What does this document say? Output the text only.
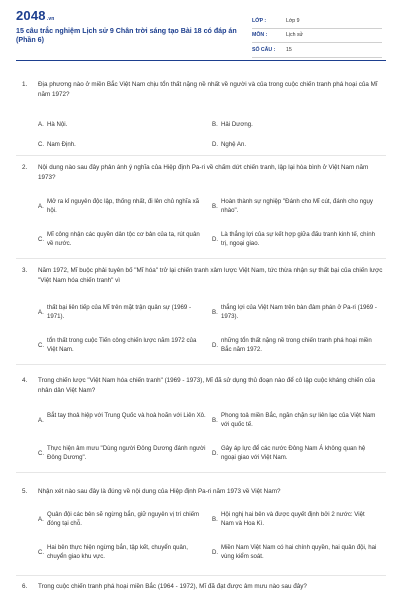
2048.vn
15 câu trắc nghiệm Lịch sử 9 Chân trời sáng tạo Bài 18 có đáp án (Phần 6)
LỚP :	Lớp 9
MÔN :	Lịch sử
SỐ CÂU :	15
1. Địa phương nào ở miền Bắc Việt Nam chịu tổn thất nặng nề nhất về người và của trong cuộc chiến tranh phá hoại của Mĩ năm 1972?
A. Hà Nội.	B. Hải Dương.
C. Nam Định.	D. Nghệ An.
2. Nội dung nào sau đây phản ánh ý nghĩa của Hiệp định Pa-ri về chấm dứt chiến tranh, lập lại hòa bình ở Việt Nam năm 1973?
A.
Mở ra kỉ nguyên độc lập, thống nhất, đi lên chủ nghĩa xã hội.
B.
Hoàn thành sự nghiệp "Đánh cho Mĩ cút, đánh cho ngụy nhào".
C.
Mĩ công nhận các quyền dân tộc cơ bản của ta, rút quân về nước.
D.
Là thắng lợi của sự kết hợp giữa đấu tranh kinh tế, chính trị, ngoại giao.
3. Năm 1972, Mĩ buộc phải tuyên bố "Mĩ hóa" trở lại chiến tranh xâm lược Việt Nam, tức thừa nhận sự thất bại của chiến lược "Việt Nam hóa chiến tranh" vì
A.
thất bại liên tiếp của Mĩ trên mặt trận quân sự (1969 - 1971).
B.
thắng lợi của Việt Nam trên bàn đàm phán ở Pa-ri (1969 - 1973).
C.
tổn thất trong cuộc Tiến công chiến lược năm 1972 của Việt Nam.
D.
những tổn thất nặng nề trong chiến tranh phá hoại miền Bắc năm 1972.
4. Trong chiến lược "Việt Nam hóa chiến tranh" (1969 - 1973), Mĩ đã sử dụng thủ đoạn nào để cô lập cuộc kháng chiến của nhân dân Việt Nam?
A.
Bắt tay thoả hiệp với Trung Quốc và hoà hoãn với Liên Xô.
B.
Phong toả miền Bắc, ngăn chặn sự liên lạc của Việt Nam với quốc tế.
C.
Thực hiện âm mưu "Dùng người Đông Dương đánh người Đông Dương".
D.
Gây áp lực để các nước Đông Nam Á không quan hệ ngoại giao với Việt Nam.
5. Nhận xét nào sau đây là đúng về nội dung của Hiệp định Pa-ri năm 1973 về Việt Nam?
A.
Quân đội các bên sẽ ngừng bắn, giữ nguyên vị trí chiếm đóng tại chỗ.
B.
Hội nghị hai bên và được quyết định bởi 2 nước: Việt Nam và Hoa Kì.
C.
Hai bên thực hiện ngừng bắn, tập kết, chuyển quân, chuyển giao khu vực.
D.
Miền Nam Việt Nam có hai chính quyền, hai quân đội, hai vùng kiểm soát.
6. Trong cuộc chiến tranh phá hoại miền Bắc (1964 - 1972), Mĩ đã đạt được âm mưu nào sau đây?
